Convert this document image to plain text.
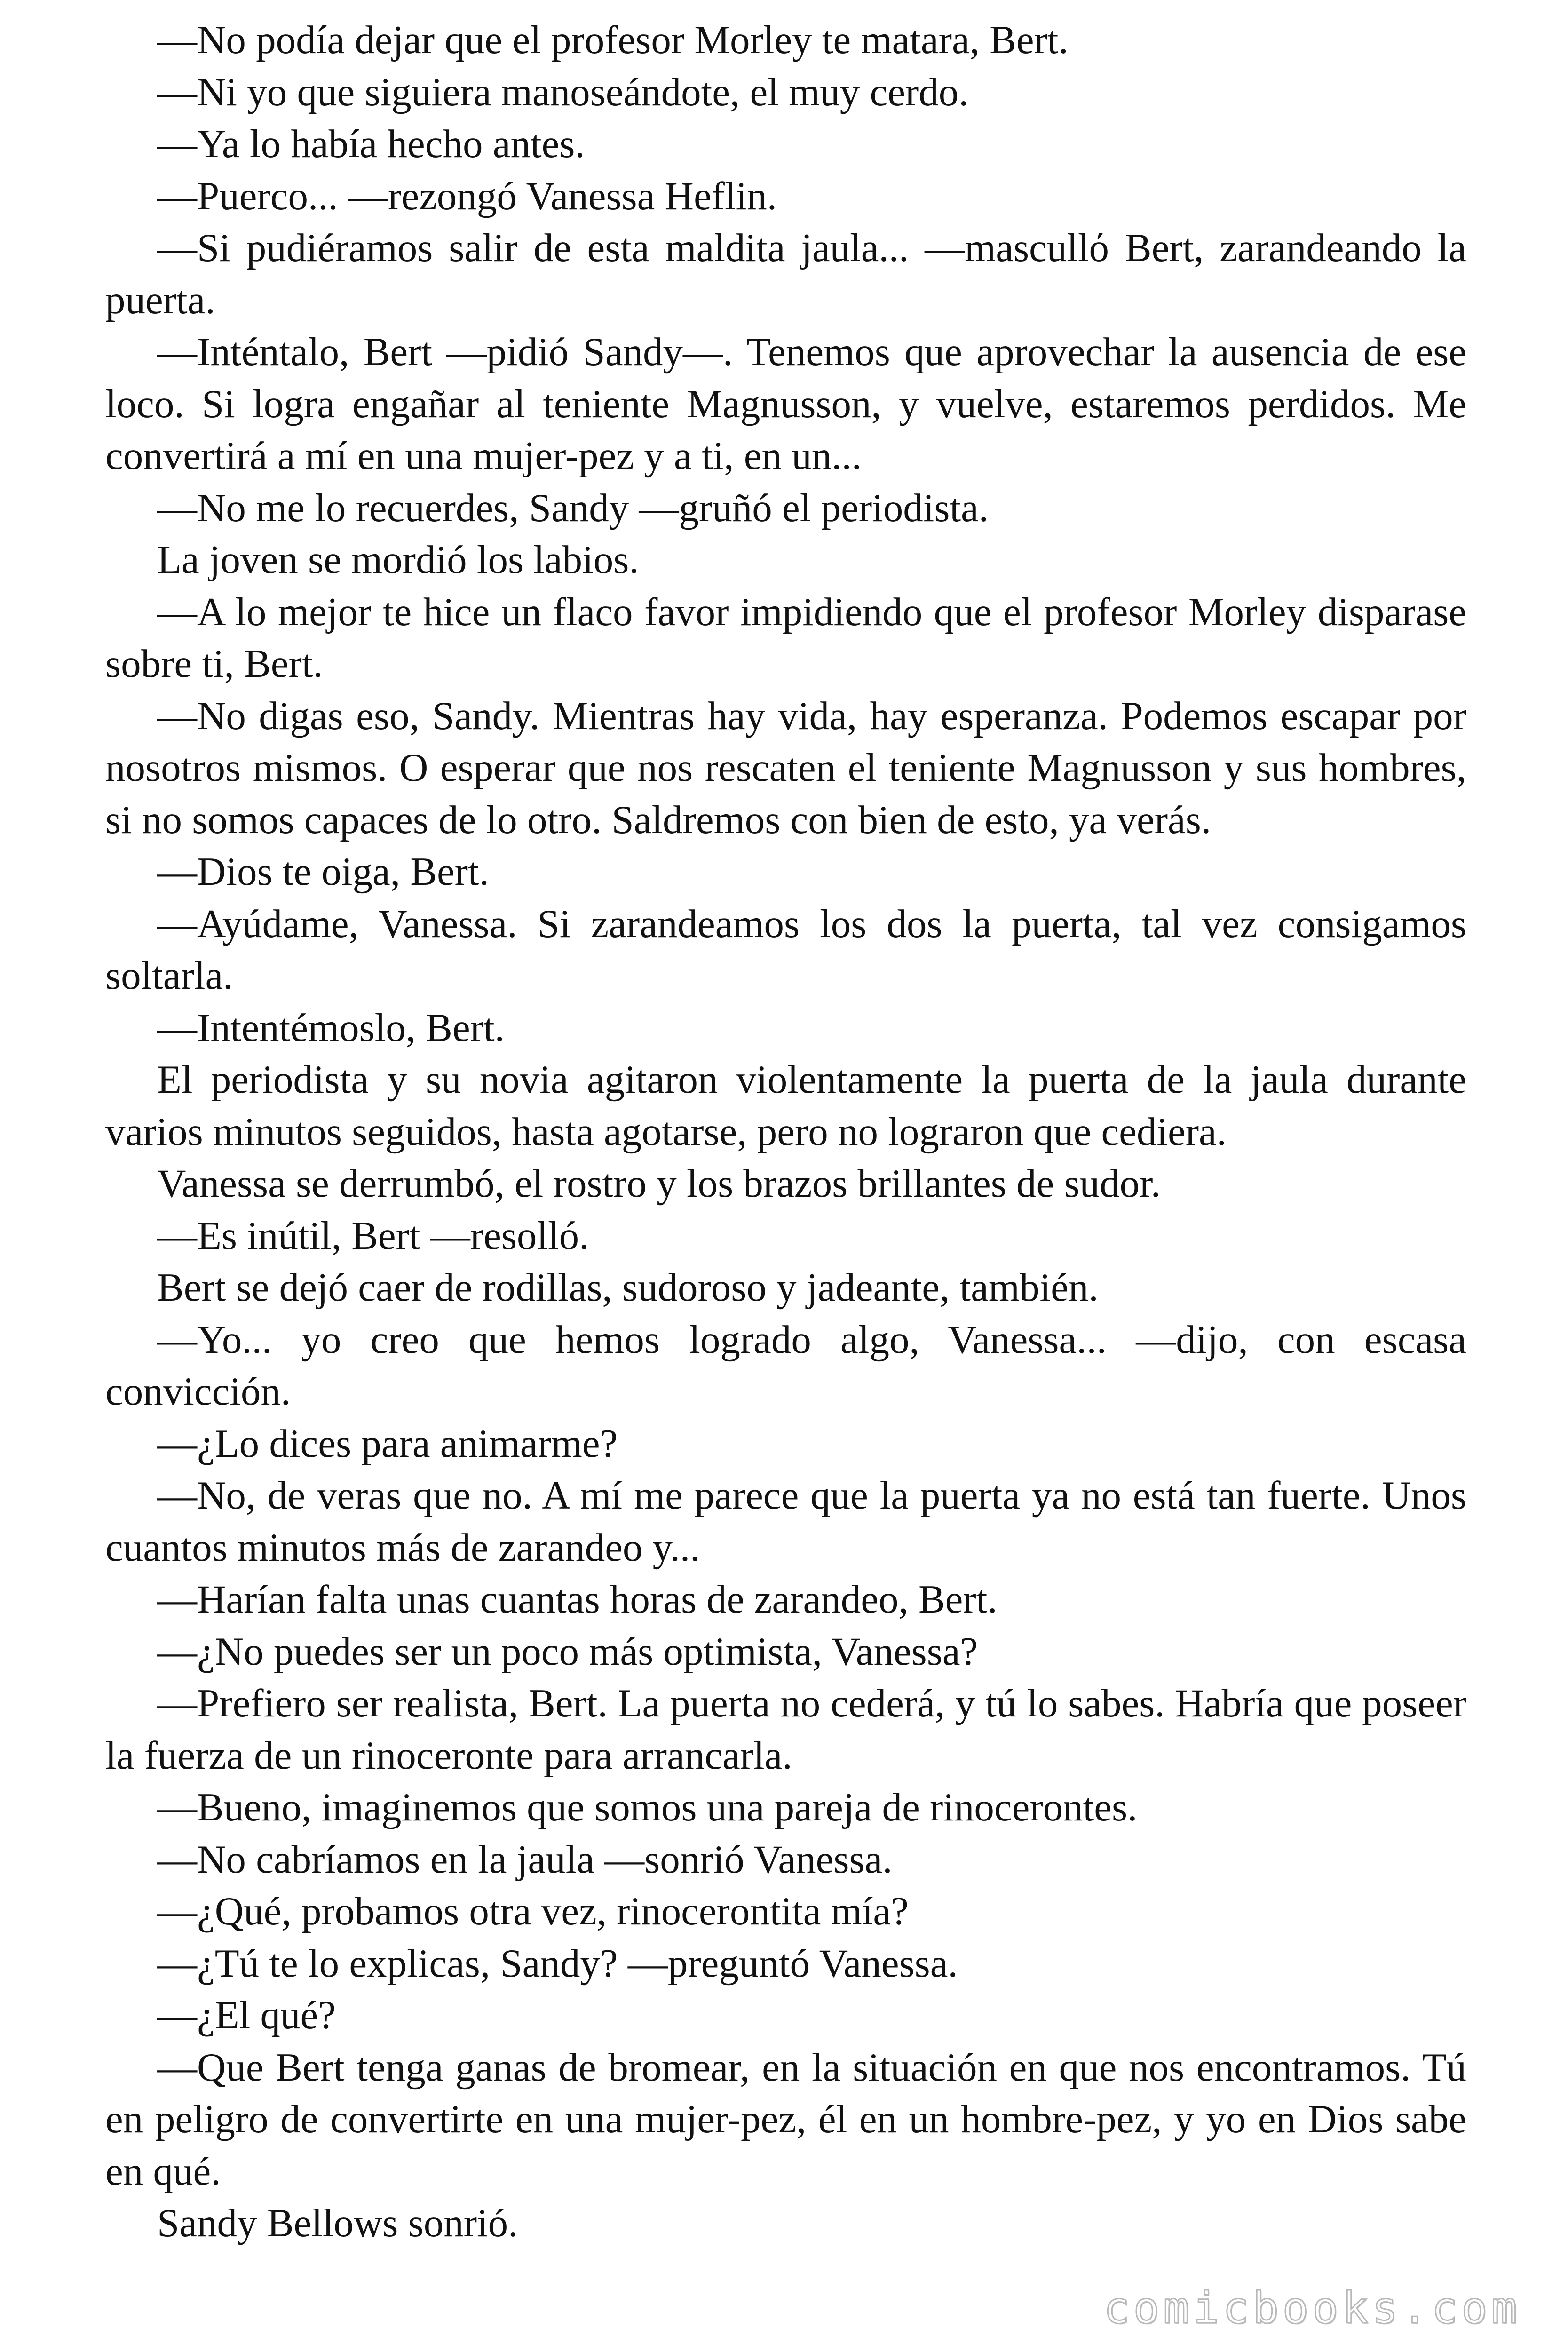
—No podía dejar que el profesor Morley te matara, Bert.

—Ni yo que siguiera manoseándote, el muy cerdo.

—Ya lo había hecho antes.

—Puerco... —rezongó Vanessa Heflin.

—Si pudiéramos salir de esta maldita jaula... —mascullό Bert, zarandeando la puerta.

—Inténtalo, Bert —pidió Sandy—. Tenemos que aprovechar la ausencia de ese loco. Si logra engañar al teniente Magnusson, y vuelve, estaremos perdidos. Me convertirá a mí en una mujer-pez y a ti, en un...

—No me lo recuerdes, Sandy —gruñó el periodista.

La joven se mordió los labios.

—A lo mejor te hice un flaco favor impidiendo que el profesor Morley disparase sobre ti, Bert.

—No digas eso, Sandy. Mientras hay vida, hay esperanza. Podemos escapar por nosotros mismos. O esperar que nos rescaten el teniente Magnusson y sus hombres, si no somos capaces de lo otro. Saldremos con bien de esto, ya verás.

—Dios te oiga, Bert.

—Ayúdame, Vanessa. Si zarandeamos los dos la puerta, tal vez consigamos soltarla.

—Intentémoslo, Bert.

El periodista y su novia agitaron violentamente la puerta de la jaula durante varios minutos seguidos, hasta agotarse, pero no lograron que cediera.

Vanessa se derrumbó, el rostro y los brazos brillantes de sudor.

—Es inútil, Bert —resolló.

Bert se dejó caer de rodillas, sudoroso y jadeante, también.

—Yo... yo creo que hemos logrado algo, Vanessa... —dijo, con escasa convicción.

—¿Lo dices para animarme?

—No, de veras que no. A mí me parece que la puerta ya no está tan fuerte. Unos cuantos minutos más de zarandeo y...

—Harían falta unas cuantas horas de zarandeo, Bert.

—¿No puedes ser un poco más optimista, Vanessa?

—Prefiero ser realista, Bert. La puerta no cederá, y tú lo sabes. Habría que poseer la fuerza de un rinoceronte para arrancarla.

—Bueno, imaginemos que somos una pareja de rinocerontes.

—No cabríamos en la jaula —sonrió Vanessa.

—¿Qué, probamos otra vez, rinocerontita mía?

—¿Tú te lo explicas, Sandy? —preguntó Vanessa.

—¿El qué?

—Que Bert tenga ganas de bromear, en la situación en que nos encontramos. Tú en peligro de convertirte en una mujer-pez, él en un hombre-pez, y yo en Dios sabe en qué.

Sandy Bellows sonrió.

comicbooks.com
